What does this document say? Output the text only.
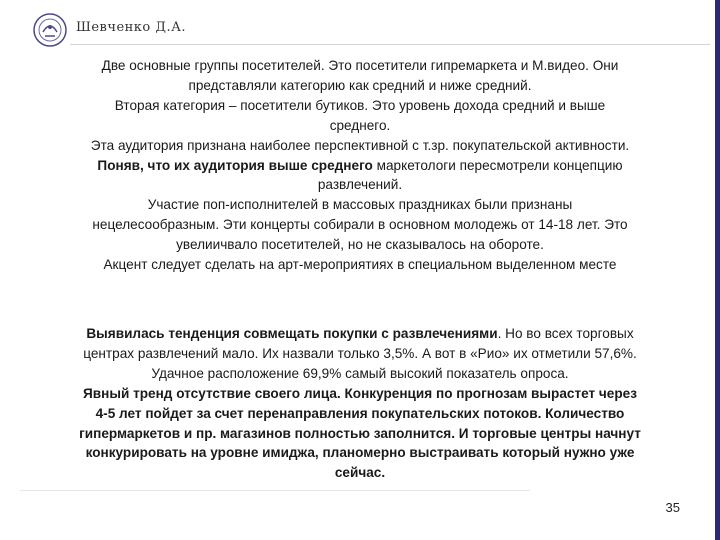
Шевченко Д.А.
Две основные группы посетителей. Это посетители гипремаркета и М.видео. Они
представляли категорию как средний и ниже средний.
Вторая категория – посетители бутиков. Это уровень дохода средний и выше
среднего.
Эта аудитория признана наиболее перспективной с т.зр. покупательской активности.
Поняв, что их аудитория выше среднего маркетологи пересмотрели концепцию
развлечений.
Участие поп-исполнителей в массовых праздниках были признаны
нецелесообразным. Эти концерты собирали в основном молодежь от 14-18 лет. Это
увелиичвало посетителей, но не сказывалось на обороте.
Акцент следует сделать на арт-мероприятиях в специальном выделенном месте
Выявилась тенденция совмещать покупки с развлечениями. Но во всех торговых
центрах развлечений мало. Их назвали только 3,5%. А вот в «Рио» их отметили 57,6%.
Удачное расположение 69,9% самый высокий показатель опроса.
Явный тренд отсутствие своего лица. Конкуренция по прогнозам вырастет через
4-5 лет пойдет за счет перенаправления покупательских потоков. Количество
гипермаркетов и пр. магазинов полностью заполнится. И торговые центры начнут
конкурировать на уровне имиджа, планомерно выстраивать который нужно уже
сейчас.
35
